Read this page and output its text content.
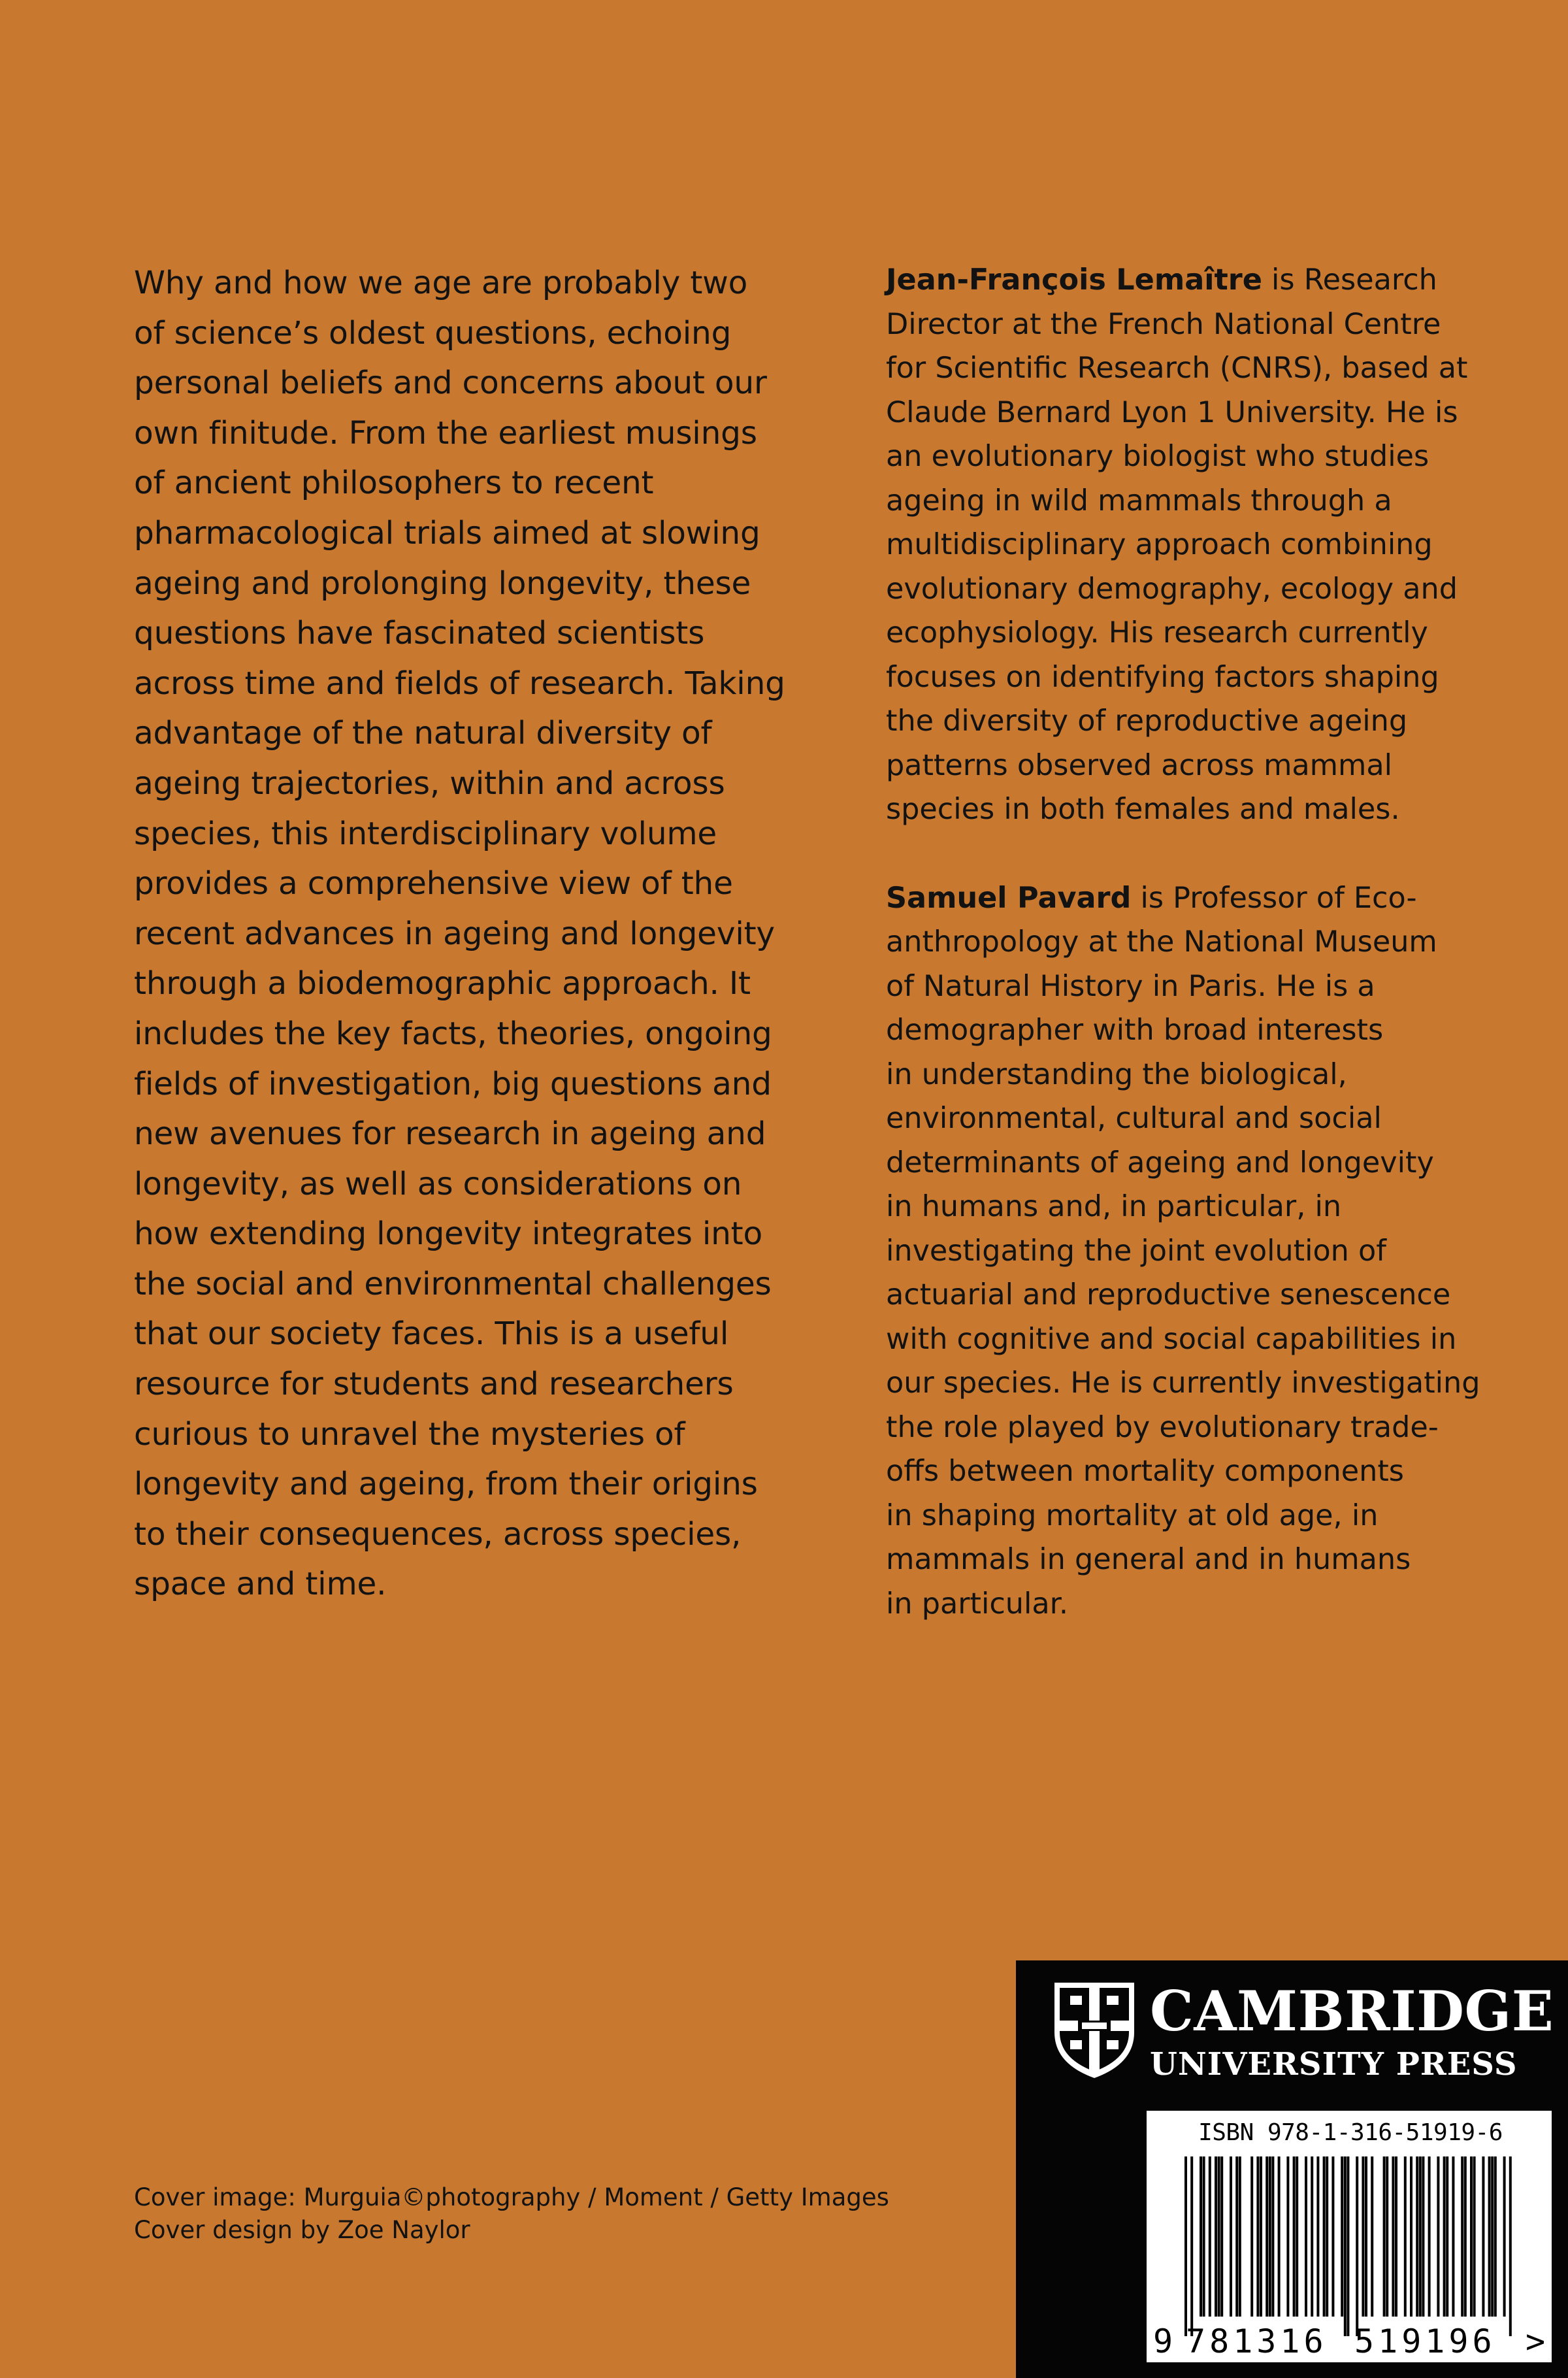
Why and how we age are probably two
of science’s oldest questions, echoing
personal beliefs and concerns about our
own finitude. From the earliest musings
of ancient philosophers to recent
pharmacological trials aimed at slowing
ageing and prolonging longevity, these
questions have fascinated scientists
across time and fields of research. Taking
advantage of the natural diversity of
ageing trajectories, within and across
species, this interdisciplinary volume
provides a comprehensive view of the
recent advances in ageing and longevity
through a biodemographic approach. It
includes the key facts, theories, ongoing
fields of investigation, big questions and
new avenues for research in ageing and
longevity, as well as considerations on
how extending longevity integrates into
the social and environmental challenges
that our society faces. This is a useful
resource for students and researchers
curious to unravel the mysteries of
longevity and ageing, from their origins
to their consequences, across species,
space and time.

Jean-François Lemaître is Research
Director at the French National Centre
for Scientific Research (CNRS), based at
Claude Bernard Lyon 1 University. He is
an evolutionary biologist who studies
ageing in wild mammals through a
multidisciplinary approach combining
evolutionary demography, ecology and
ecophysiology. His research currently
focuses on identifying factors shaping
the diversity of reproductive ageing
patterns observed across mammal
species in both females and males.

Samuel Pavard is Professor of Eco-
anthropology at the National Museum
of Natural History in Paris. He is a
demographer with broad interests
in understanding the biological,
environmental, cultural and social
determinants of ageing and longevity
in humans and, in particular, in
investigating the joint evolution of
actuarial and reproductive senescence
with cognitive and social capabilities in
our species. He is currently investigating
the role played by evolutionary trade-
offs between mortality components
in shaping mortality at old age, in
mammals in general and in humans
in particular.

Cover image: Murguia©photography / Moment / Getty Images
Cover design by Zoe Naylor
CAMBRIDGE
UNIVERSITY PRESS
ISBN 978-1-316-51919-6
9 781316 519196 >
